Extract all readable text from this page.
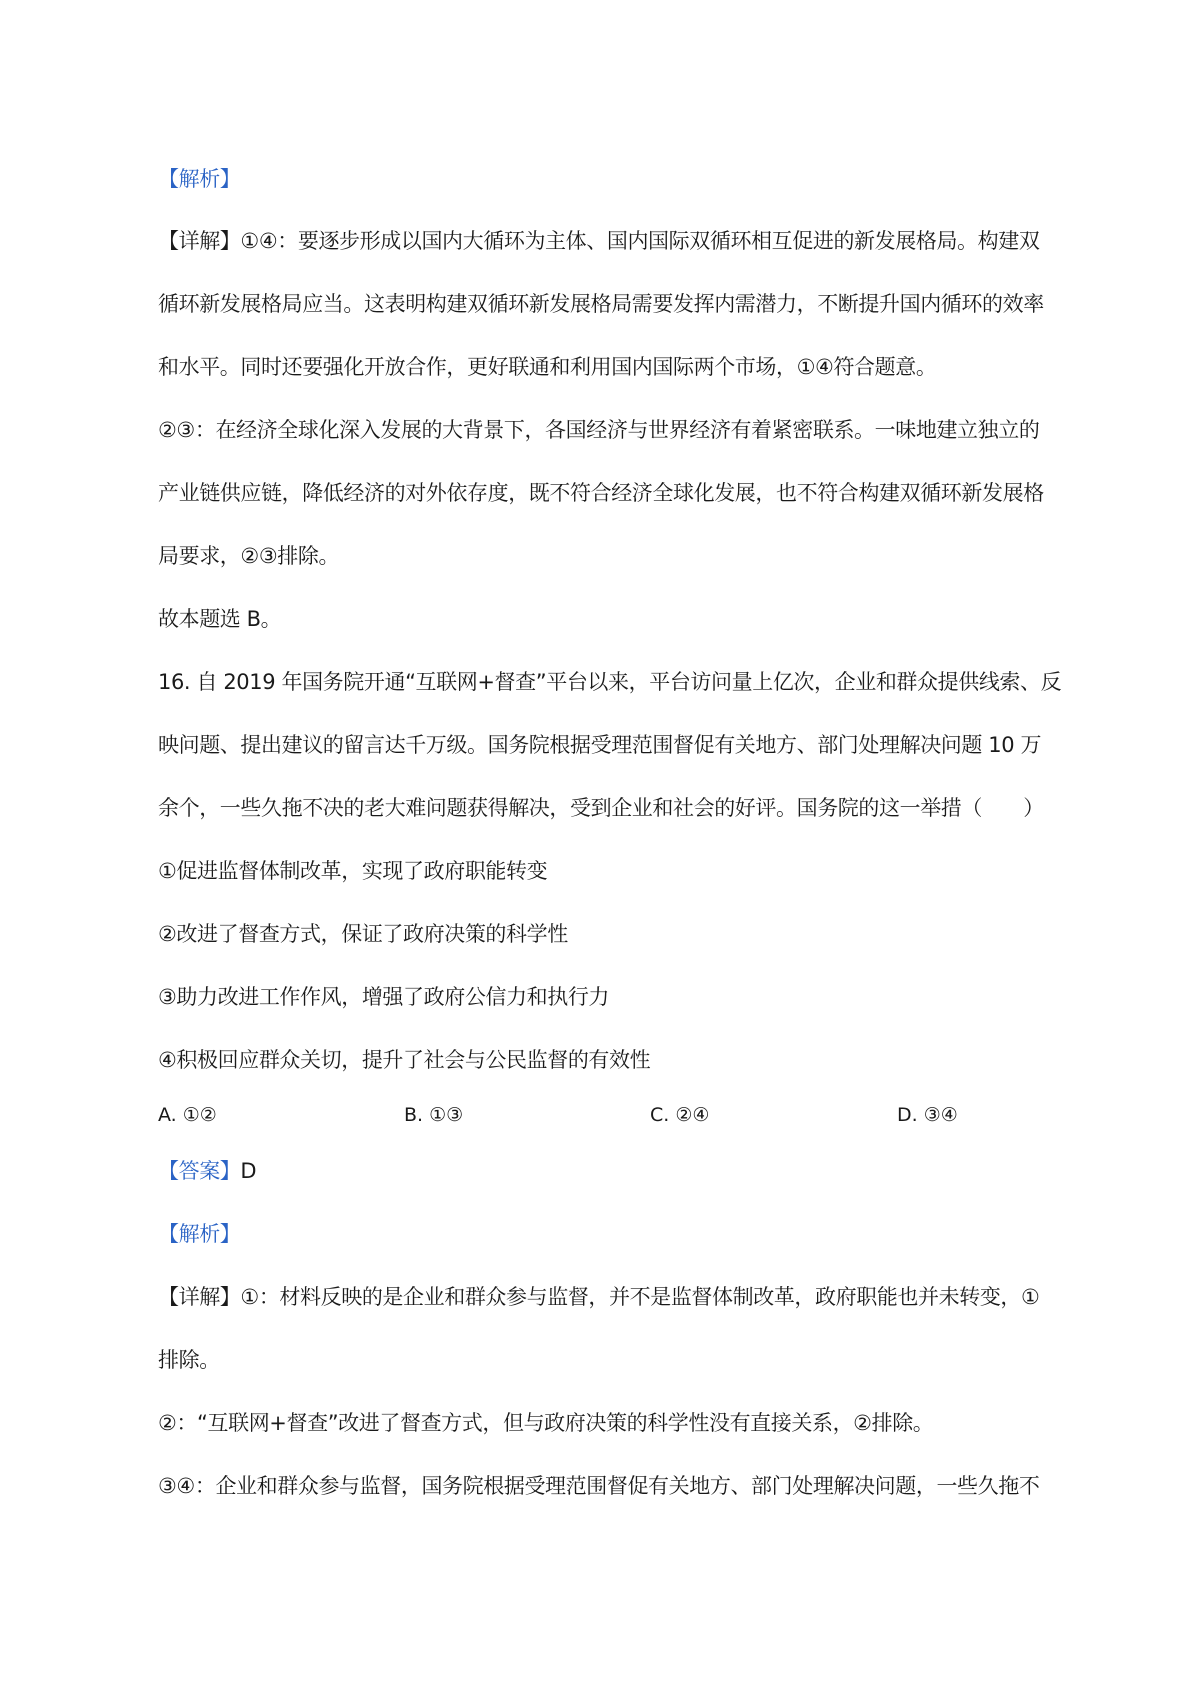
【解析】
【详解】①④：要逐步形成以国内大循环为主体、国内国际双循环相互促进的新发展格局。构建双
循环新发展格局应当。这表明构建双循环新发展格局需要发挥内需潜力，不断提升国内循环的效率
和水平。同时还要强化开放合作，更好联通和利用国内国际两个市场，①④符合题意。
②③：在经济全球化深入发展的大背景下，各国经济与世界经济有着紧密联系。一味地建立独立的
产业链供应链，降低经济的对外依存度，既不符合经济全球化发展，也不符合构建双循环新发展格
局要求，②③排除。
故本题选 B。
16. 自 2019 年国务院开通“互联网+督查”平台以来，平台访问量上亿次，企业和群众提供线索、反
映问题、提出建议的留言达千万级。国务院根据受理范围督促有关地方、部门处理解决问题 10 万
余个，一些久拖不决的老大难问题获得解决，受到企业和社会的好评。国务院的这一举措（　　）
①促进监督体制改革，实现了政府职能转变
②改进了督查方式，保证了政府决策的科学性
③助力改进工作作风，增强了政府公信力和执行力
④积极回应群众关切，提升了社会与公民监督的有效性
A. ①②	B. ①③	C. ②④	D. ③④
【答案】D
【解析】
【详解】①：材料反映的是企业和群众参与监督，并不是监督体制改革，政府职能也并未转变，①
排除。
②：“互联网+督查”改进了督查方式，但与政府决策的科学性没有直接关系，②排除。
③④：企业和群众参与监督，国务院根据受理范围督促有关地方、部门处理解决问题，一些久拖不
